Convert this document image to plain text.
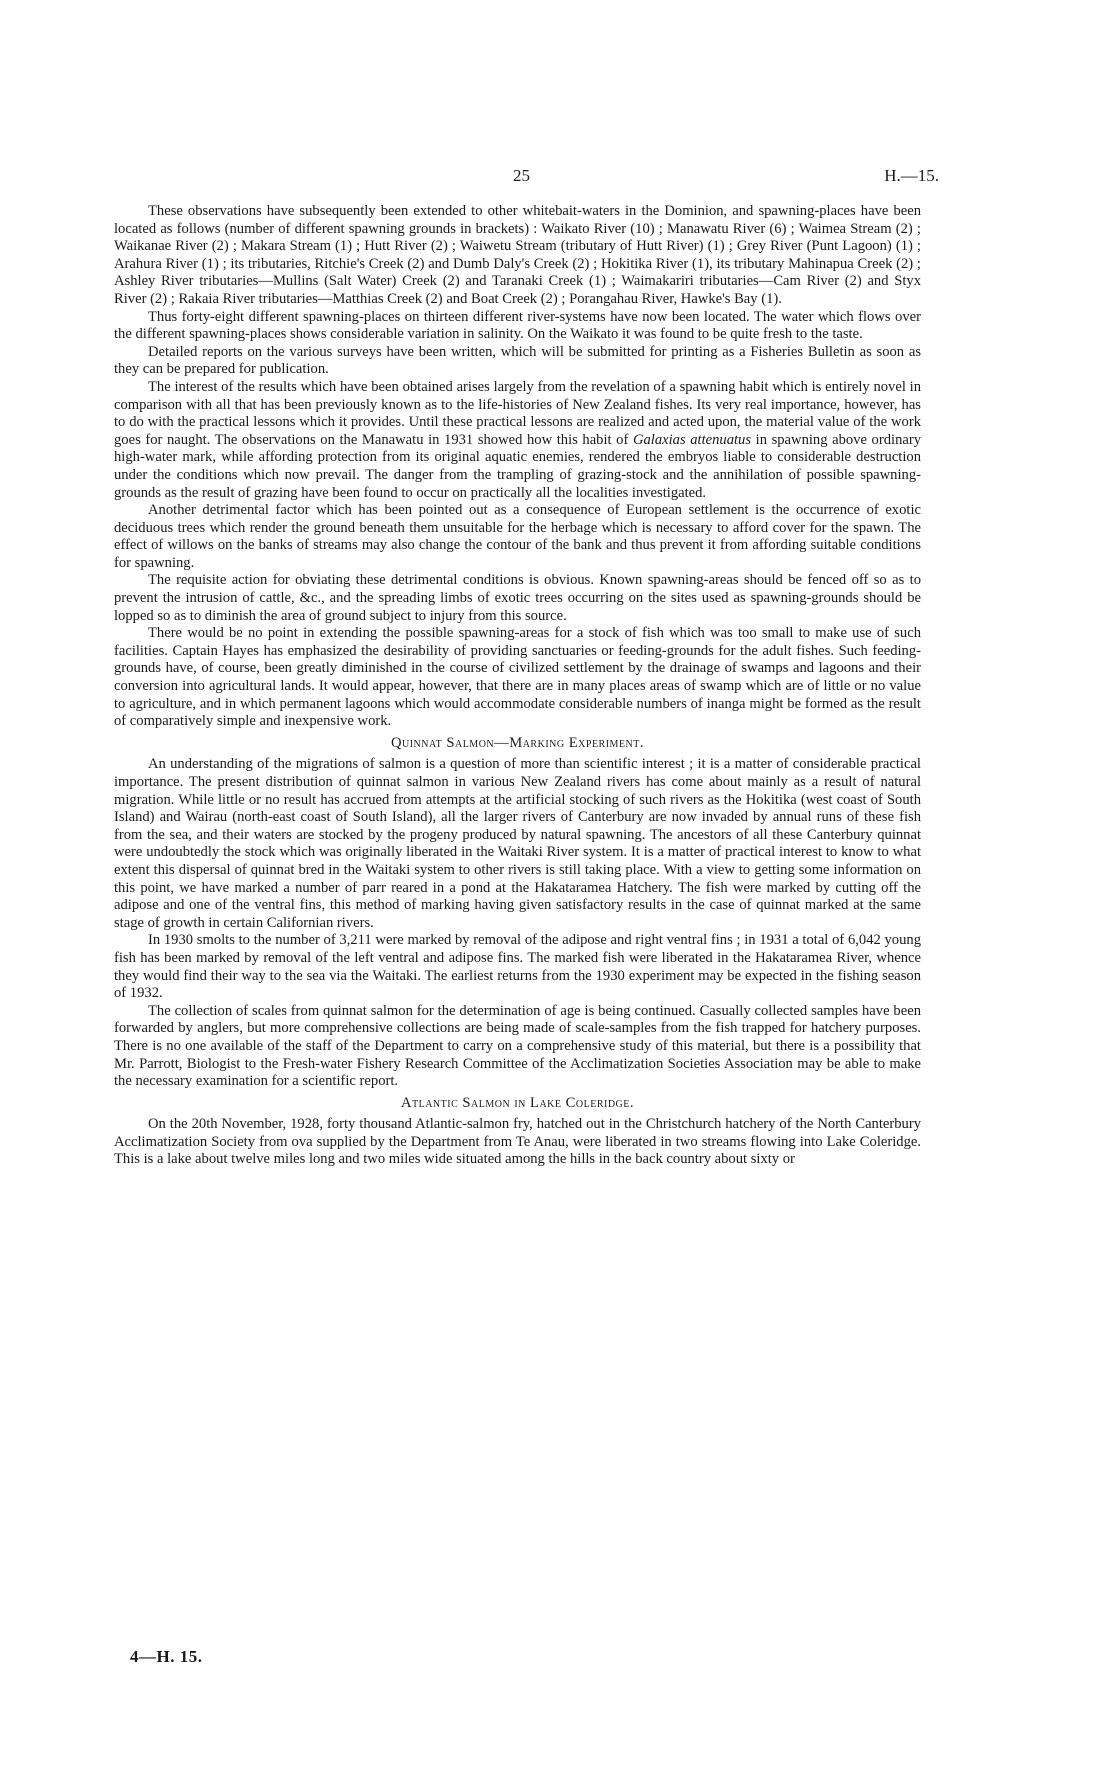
25	H.—15.

These observations have subsequently been extended to other whitebait-waters in the Dominion, and spawning-places have been located as follows (number of different spawning grounds in brackets) : Waikato River (10) ; Manawatu River (6) ; Waimea Stream (2) ; Waikanae River (2) ; Makara Stream (1) ; Hutt River (2) ; Waiwetu Stream (tributary of Hutt River) (1) ; Grey River (Punt Lagoon) (1) ; Arahura River (1) ; its tributaries, Ritchie's Creek (2) and Dumb Daly's Creek (2) ; Hokitika River (1), its tributary Mahinapua Creek (2) ; Ashley River tributaries—Mullins (Salt Water) Creek (2) and Taranaki Creek (1) ; Waimakariri tributaries—Cam River (2) and Styx River (2) ; Rakaia River tributaries—Matthias Creek (2) and Boat Creek (2) ; Porangahau River, Hawke's Bay (1).

Thus forty-eight different spawning-places on thirteen different river-systems have now been located. The water which flows over the different spawning-places shows considerable variation in salinity. On the Waikato it was found to be quite fresh to the taste.

Detailed reports on the various surveys have been written, which will be submitted for printing as a Fisheries Bulletin as soon as they can be prepared for publication.

The interest of the results which have been obtained arises largely from the revelation of a spawning habit which is entirely novel in comparison with all that has been previously known as to the life-histories of New Zealand fishes. Its very real importance, however, has to do with the practical lessons which it provides. Until these practical lessons are realized and acted upon, the material value of the work goes for naught. The observations on the Manawatu in 1931 showed how this habit of Galaxias attenuatus in spawning above ordinary high-water mark, while affording protection from its original aquatic enemies, rendered the embryos liable to considerable destruction under the conditions which now prevail. The danger from the trampling of grazing-stock and the annihilation of possible spawning-grounds as the result of grazing have been found to occur on practically all the localities investigated.

Another detrimental factor which has been pointed out as a consequence of European settlement is the occurrence of exotic deciduous trees which render the ground beneath them unsuitable for the herbage which is necessary to afford cover for the spawn. The effect of willows on the banks of streams may also change the contour of the bank and thus prevent it from affording suitable conditions for spawning.

The requisite action for obviating these detrimental conditions is obvious. Known spawning-areas should be fenced off so as to prevent the intrusion of cattle, &c., and the spreading limbs of exotic trees occurring on the sites used as spawning-grounds should be lopped so as to diminish the area of ground subject to injury from this source.

There would be no point in extending the possible spawning-areas for a stock of fish which was too small to make use of such facilities. Captain Hayes has emphasized the desirability of providing sanctuaries or feeding-grounds for the adult fishes. Such feeding-grounds have, of course, been greatly diminished in the course of civilized settlement by the drainage of swamps and lagoons and their conversion into agricultural lands. It would appear, however, that there are in many places areas of swamp which are of little or no value to agriculture, and in which permanent lagoons which would accommodate considerable numbers of inanga might be formed as the result of comparatively simple and inexpensive work.

Quinnat Salmon—Marking Experiment.

An understanding of the migrations of salmon is a question of more than scientific interest ; it is a matter of considerable practical importance. The present distribution of quinnat salmon in various New Zealand rivers has come about mainly as a result of natural migration. While little or no result has accrued from attempts at the artificial stocking of such rivers as the Hokitika (west coast of South Island) and Wairau (north-east coast of South Island), all the larger rivers of Canterbury are now invaded by annual runs of these fish from the sea, and their waters are stocked by the progeny produced by natural spawning. The ancestors of all these Canterbury quinnat were undoubtedly the stock which was originally liberated in the Waitaki River system. It is a matter of practical interest to know to what extent this dispersal of quinnat bred in the Waitaki system to other rivers is still taking place. With a view to getting some information on this point, we have marked a number of parr reared in a pond at the Hakataramea Hatchery. The fish were marked by cutting off the adipose and one of the ventral fins, this method of marking having given satisfactory results in the case of quinnat marked at the same stage of growth in certain Californian rivers.

In 1930 smolts to the number of 3,211 were marked by removal of the adipose and right ventral fins ; in 1931 a total of 6,042 young fish has been marked by removal of the left ventral and adipose fins. The marked fish were liberated in the Hakataramea River, whence they would find their way to the sea via the Waitaki. The earliest returns from the 1930 experiment may be expected in the fishing season of 1932.

The collection of scales from quinnat salmon for the determination of age is being continued. Casually collected samples have been forwarded by anglers, but more comprehensive collections are being made of scale-samples from the fish trapped for hatchery purposes. There is no one available of the staff of the Department to carry on a comprehensive study of this material, but there is a possibility that Mr. Parrott, Biologist to the Fresh-water Fishery Research Committee of the Acclimatization Societies Association may be able to make the necessary examination for a scientific report.

Atlantic Salmon in Lake Coleridge.

On the 20th November, 1928, forty thousand Atlantic-salmon fry, hatched out in the Christchurch hatchery of the North Canterbury Acclimatization Society from ova supplied by the Department from Te Anau, were liberated in two streams flowing into Lake Coleridge. This is a lake about twelve miles long and two miles wide situated among the hills in the back country about sixty or

4—H. 15.
